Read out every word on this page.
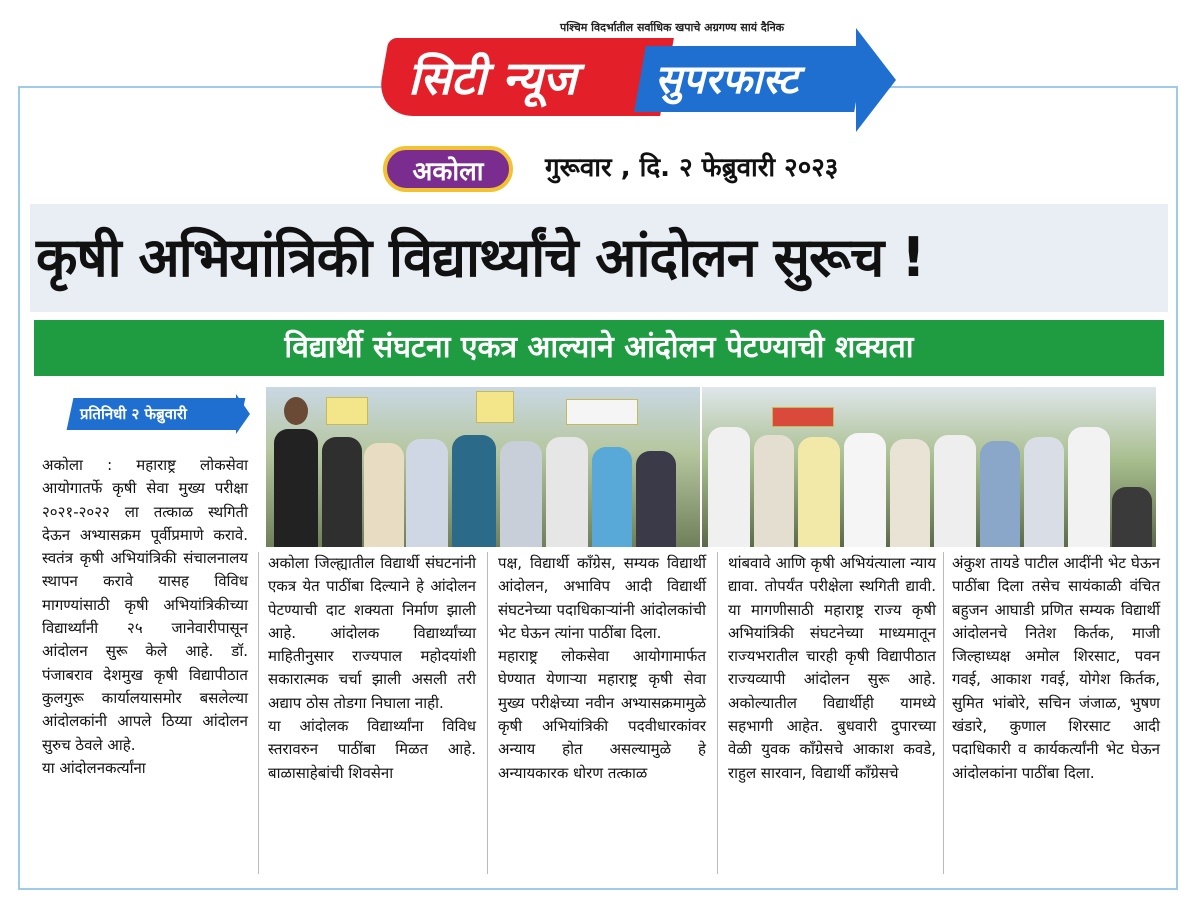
पश्चिम विदर्भातील सर्वाधिक खपाचे अग्रगण्य सायं दैनिक
सिटी न्यूज सुपरफास्ट
अकोला	गुरूवार , दि. २ फेब्रुवारी २०२३
कृषी अभियांत्रिकी विद्यार्थ्यांचे आंदोलन सुरूच !
विद्यार्थी संघटना एकत्र आल्याने आंदोलन पेटण्याची शक्यता
प्रतिनिधी २ फेब्रुवारी
अकोला : महाराष्ट्र लोकसेवा आयोगातर्फे कृषी सेवा मुख्य परीक्षा २०२१-२०२२ ला तत्काळ स्थगिती देऊन अभ्यासक्रम पूर्वीप्रमाणे करावे. स्वतंत्र कृषी अभियांत्रिकी संचालनालय स्थापन करावे यासह विविध मागण्यांसाठी कृषी अभियांत्रिकीच्या विद्यार्थ्यांनी २५ जानेवारीपासून आंदोलन सुरू केले आहे. डॉ. पंजाबराव देशमुख कृषी विद्यापीठात कुलगुरू कार्यालयासमोर बसलेल्या आंदोलकांनी आपले ठिय्या आंदोलन सुरुच ठेवले आहे.
या आंदोलनकर्त्यांना
अकोला जिल्ह्यातील विद्यार्थी संघटनांनी एकत्र येत पाठींबा दिल्याने हे आंदोलन पेटण्याची दाट शक्यता निर्माण झाली आहे. आंदोलक विद्यार्थ्यांच्या माहितीनुसार राज्यपाल महोदयांशी सकारात्मक चर्चा झाली असली तरी अद्याप ठोस तोडगा निघाला नाही.
या आंदोलक विद्यार्थ्यांना विविध स्तरावरुन पाठींबा मिळत आहे. बाळासाहेबांची शिवसेना
पक्ष, विद्यार्थी कॉंग्रेस, सम्यक विद्यार्थी आंदोलन, अभाविप आदी विद्यार्थी संघटनेच्या पदाधिकाऱ्यांनी आंदोलकांची भेट घेऊन त्यांना पाठींबा दिला.
महाराष्ट्र लोकसेवा आयोगामार्फत घेण्यात येणाऱ्या महाराष्ट्र कृषी सेवा मुख्य परीक्षेच्या नवीन अभ्यासक्रमामुळे कृषी अभियांत्रिकी पदवीधारकांवर अन्याय होत असल्यामुळे हे अन्यायकारक धोरण तत्काळ
थांबवावे आणि कृषी अभियंत्याला न्याय द्यावा. तोपर्यंत परीक्षेला स्थगिती द्यावी. या मागणीसाठी महाराष्ट्र राज्य कृषी अभियांत्रिकी संघटनेच्या माध्यमातून राज्यभरातील चारही कृषी विद्यापीठात राज्यव्यापी आंदोलन सुरू आहे. अकोल्यातील विद्यार्थीही यामध्ये सहभागी आहेत. बुधवारी दुपारच्या वेळी युवक कॉंग्रेसचे आकाश कवडे, राहुल सारवान, विद्यार्थी कॉंग्रेसचे
अंकुश तायडे पाटील आदींनी भेट घेऊन पाठींबा दिला तसेच सायंकाळी वंचित बहुजन आघाडी प्रणित सम्यक विद्यार्थी आंदोलनचे नितेश किर्तक, माजी जिल्हाध्यक्ष अमोल शिरसाट, पवन गवई, आकाश गवई, योगेश किर्तक, सुमित भांबोरे, सचिन जंजाळ, भुषण खंडारे, कुणाल शिरसाट आदी पदाधिकारी व कार्यकर्त्यांनी भेट घेऊन आंदोलकांना पाठींबा दिला.
